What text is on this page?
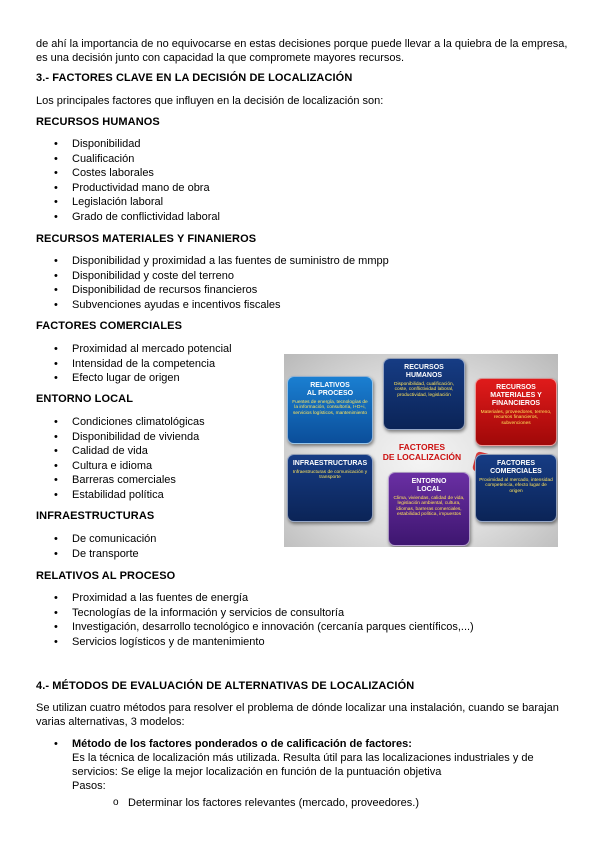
de ahí la importancia de no equivocarse en estas decisiones porque puede llevar a la quiebra de la empresa,
es una decisión junto con capacidad la que compromete mayores recursos.
3.- FACTORES CLAVE EN LA DECISIÓN DE LOCALIZACIÓN
Los principales factores que influyen en la decisión de localización son:
RECURSOS HUMANOS
• Disponibilidad
• Cualificación
• Costes laborales
• Productividad mano de obra
• Legislación laboral
• Grado de conflictividad laboral
RECURSOS MATERIALES Y FINANIEROS
• Disponibilidad y proximidad a las fuentes de suministro de mmpp
• Disponibilidad y coste del terreno
• Disponibilidad de recursos financieros
• Subvenciones ayudas e incentivos fiscales
FACTORES COMERCIALES
• Proximidad al mercado potencial
• Intensidad de la competencia
• Efecto lugar de origen
ENTORNO LOCAL
• Condiciones climatológicas
• Disponibilidad de vivienda
• Calidad de vida
• Cultura e idioma
• Barreras comerciales
• Estabilidad política
INFRAESTRUCTURAS
• De comunicación
• De transporte
RELATIVOS AL PROCESO
• Proximidad a las fuentes de energía
• Tecnologías de la información y servicios de consultoría
• Investigación, desarrollo tecnológico e innovación (cercanía parques científicos,...)
• Servicios logísticos y de mantenimiento
RELATIVOS
AL PROCESO
Fuentes de energía, tecnologías de la información, consultoría, I+D+i, servicios logísticos, mantenimiento
RECURSOS
HUMANOS
Disponibilidad, cualificación, coste, conflictividad laboral, productividad, legislación
RECURSOS
MATERIALES Y
FINANCIEROS
Materiales, proveedores, terreno, recursos financieros, subvenciones
FACTORES
DE LOCALIZACIÓN
INFRAESTRUCTURAS
Infraestructuras de comunicación y transporte
ENTORNO
LOCAL
Clima, viviendas, calidad de vida, legislación ambiental, cultura, idiomas, barreras comerciales, estabilidad política, impuestos
FACTORES
COMERCIALES
Proximidad al mercado, intensidad competencia, efecto lugar de origen
4.- MÉTODOS DE EVALUACIÓN DE ALTERNATIVAS DE LOCALIZACIÓN
Se utilizan cuatro métodos para resolver el problema de dónde localizar una instalación, cuando se barajan
varias alternativas, 3 modelos:
• Método de los factores ponderados o de calificación de factores:
Es la técnica de localización más utilizada. Resulta útil para las localizaciones industriales y de
servicios: Se elige la mejor localización en función de la puntuación objetiva
Pasos:
o Determinar los factores relevantes (mercado, proveedores.)
